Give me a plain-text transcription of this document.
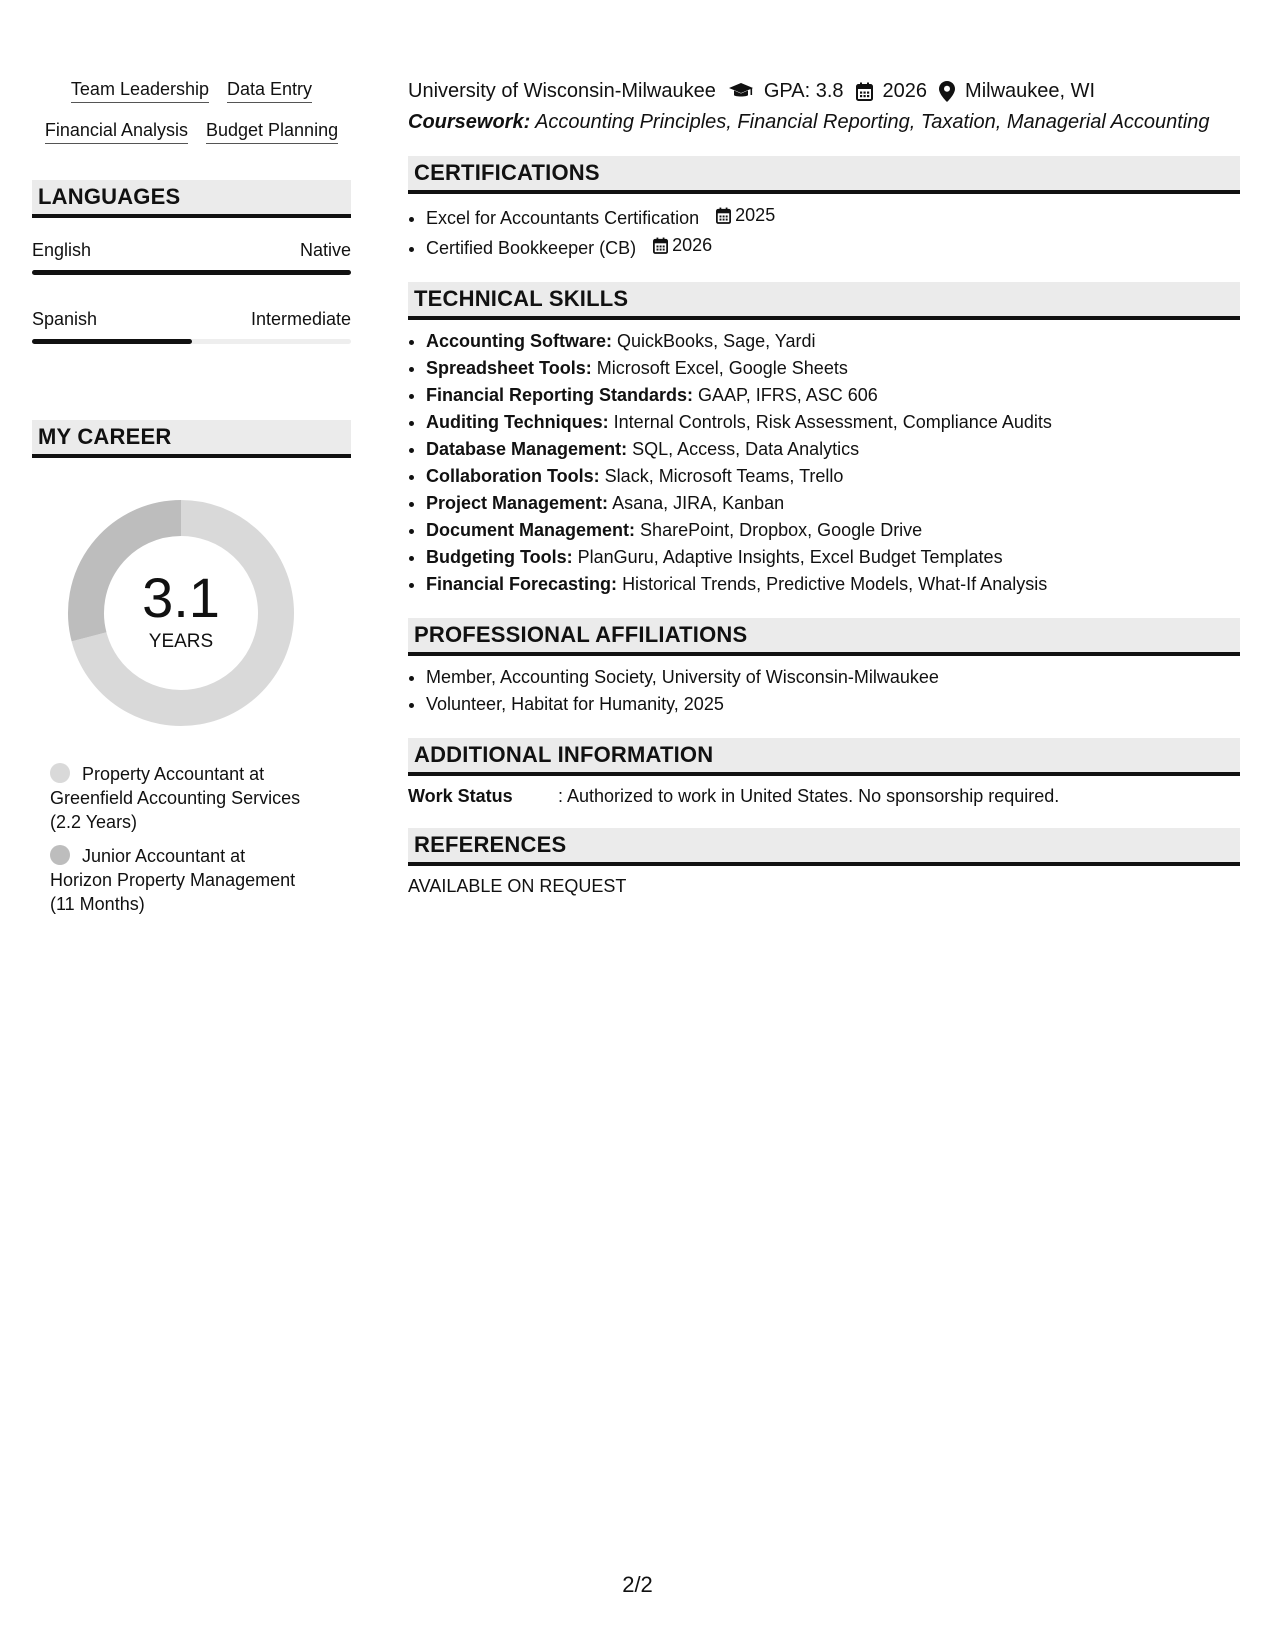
Team Leadership Data Entry
Financial Analysis Budget Planning
LANGUAGES
English	Native
Spanish	Intermediate
MY CAREER
3.1
YEARS
Property Accountant at
Greenfield Accounting Services
(2.2 Years)
Junior Accountant at
Horizon Property Management
(11 Months)
University of Wisconsin-Milwaukee GPA: 3.8 2026 Milwaukee, WI
Coursework: Accounting Principles, Financial Reporting, Taxation, Managerial Accounting
CERTIFICATIONS
• Excel for Accountants Certification 2025
• Certified Bookkeeper (CB) 2026
TECHNICAL SKILLS
• Accounting Software: QuickBooks, Sage, Yardi
• Spreadsheet Tools: Microsoft Excel, Google Sheets
• Financial Reporting Standards: GAAP, IFRS, ASC 606
• Auditing Techniques: Internal Controls, Risk Assessment, Compliance Audits
• Database Management: SQL, Access, Data Analytics
• Collaboration Tools: Slack, Microsoft Teams, Trello
• Project Management: Asana, JIRA, Kanban
• Document Management: SharePoint, Dropbox, Google Drive
• Budgeting Tools: PlanGuru, Adaptive Insights, Excel Budget Templates
• Financial Forecasting: Historical Trends, Predictive Models, What-If Analysis
PROFESSIONAL AFFILIATIONS
• Member, Accounting Society, University of Wisconsin-Milwaukee
• Volunteer, Habitat for Humanity, 2025
ADDITIONAL INFORMATION
Work Status	: Authorized to work in United States. No sponsorship required.
REFERENCES
AVAILABLE ON REQUEST
2/2
